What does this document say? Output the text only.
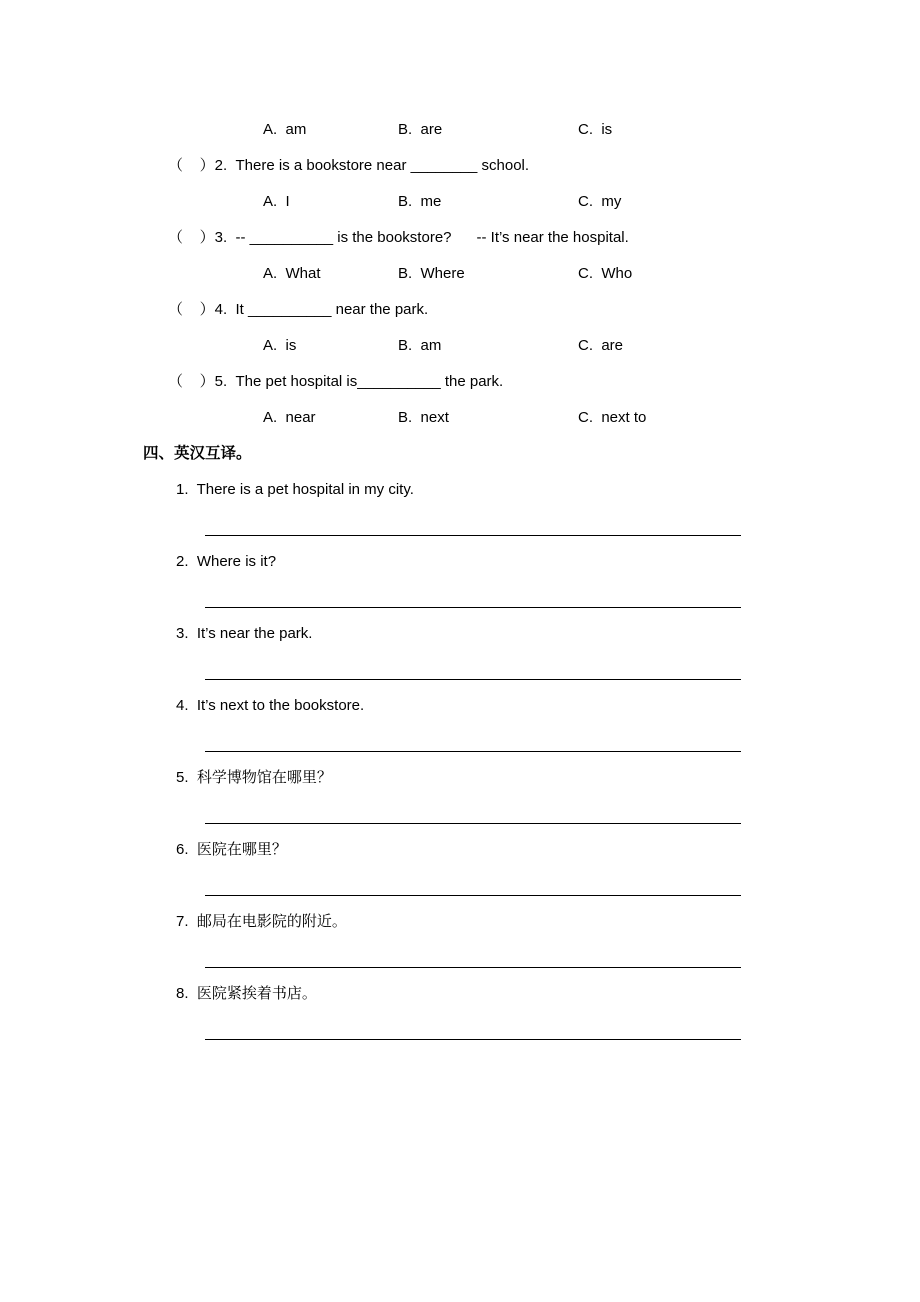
A.  am	B.  are	C.  is
（    ）2.  There is a bookstore near ________ school.
A.  I	B.  me	C.  my
（    ）3.  -- __________ is the bookstore?      -- It’s near the hospital.
A.  What	B.  Where	C.  Who
（    ）4.  It __________ near the park.
A.  is	B.  am	C.  are
（    ）5.  The pet hospital is__________ the park.
A.  near	B.  next	C.  next to
四、英汉互译。
1.  There is a pet hospital in my city.
2.  Where is it?
3.  It’s near the park.
4.  It’s next to the bookstore.
5.  科学博物馆在哪里？
6.  医院在哪里？
7.  邮局在电影院的附近。
8.  医院紧挨着书店。
